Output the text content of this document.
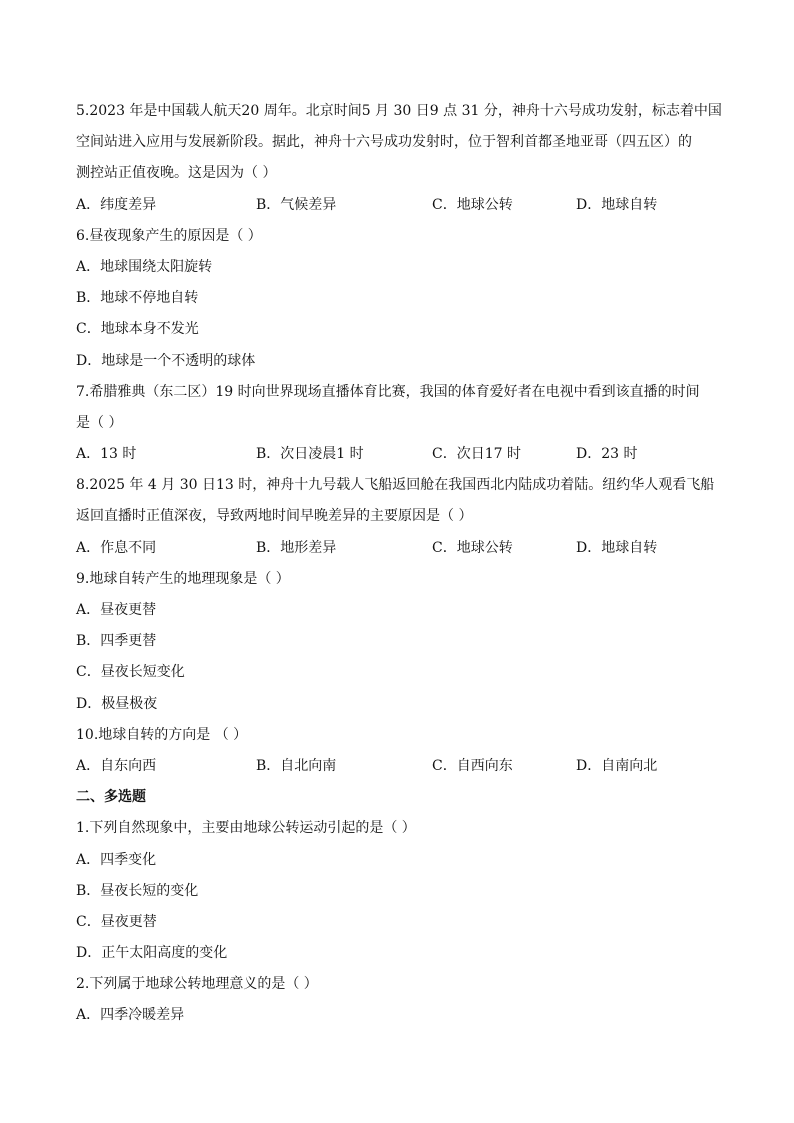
5.2023 年是中国载人航天20 周年。北京时间5 月 30 日9 点 31 分，神舟十六号成功发射，标志着中国
空间站进入应用与发展新阶段。据此，神舟十六号成功发射时，位于智利首都圣地亚哥（四五区）的
测控站正值夜晚。这是因为（ ）
A．纬度差异	B．气候差异	C．地球公转	D．地球自转
6.昼夜现象产生的原因是（ ）
A．地球围绕太阳旋转
B．地球不停地自转
C．地球本身不发光
D．地球是一个不透明的球体
7.希腊雅典（东二区）19 时向世界现场直播体育比赛，我国的体育爱好者在电视中看到该直播的时间
是（ ）
A．13 时	B．次日凌晨1 时	C．次日17 时	D．23 时
8.2025 年 4 月 30 日13 时，神舟十九号载人飞船返回舱在我国西北内陆成功着陆。纽约华人观看飞船
返回直播时正值深夜，导致两地时间早晚差异的主要原因是（ ）
A．作息不同	B．地形差异	C．地球公转	D．地球自转
9.地球自转产生的地理现象是（ ）
A．昼夜更替
B．四季更替
C．昼夜长短变化
D．极昼极夜
10.地球自转的方向是 （ ）
A．自东向西	B．自北向南	C．自西向东	D．自南向北
二、多选题
1.下列自然现象中，主要由地球公转运动引起的是（ ）
A．四季变化
B．昼夜长短的变化
C．昼夜更替
D．正午太阳高度的变化
2.下列属于地球公转地理意义的是（ ）
A．四季冷暖差异
